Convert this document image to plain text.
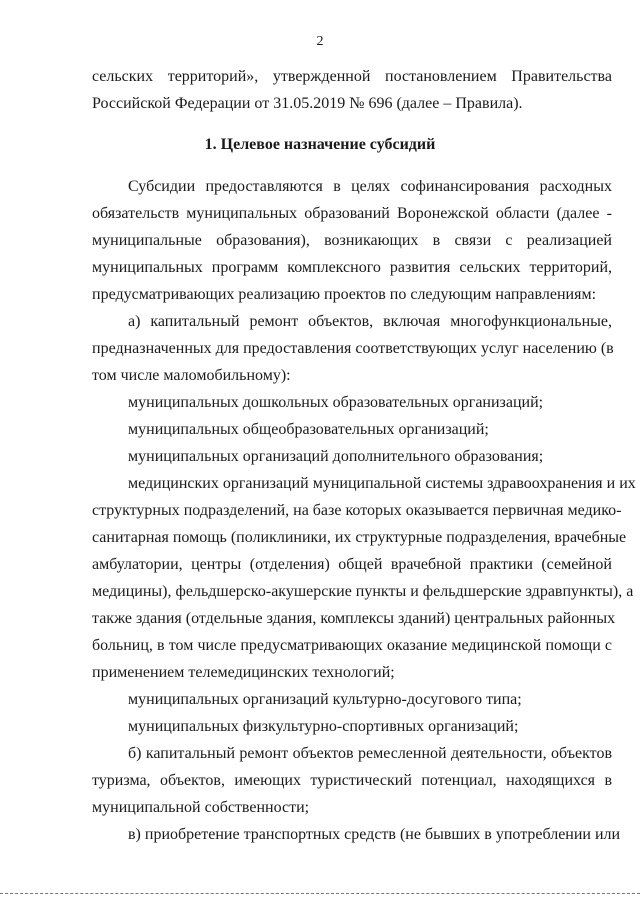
2
сельских территорий», утвержденной постановлением Правительства
Российской Федерации от 31.05.2019 № 696 (далее – Правила).
1. Целевое назначение субсидий
Субсидии предоставляются в целях софинансирования расходных
обязательств муниципальных образований Воронежской области (далее -
муниципальные образования), возникающих в связи с реализацией
муниципальных программ комплексного развития сельских территорий,
предусматривающих реализацию проектов по следующим направлениям:
а) капитальный ремонт объектов, включая многофункциональные,
предназначенных для предоставления соответствующих услуг населению (в
том числе маломобильному):
муниципальных дошкольных образовательных организаций;
муниципальных общеобразовательных организаций;
муниципальных организаций дополнительного образования;
медицинских организаций муниципальной системы здравоохранения и их
структурных подразделений, на базе которых оказывается первичная медико-
санитарная помощь (поликлиники, их структурные подразделения, врачебные
амбулатории, центры (отделения) общей врачебной практики (семейной
медицины), фельдшерско-акушерские пункты и фельдшерские здравпункты), а
также здания (отдельные здания, комплексы зданий) центральных районных
больниц, в том числе предусматривающих оказание медицинской помощи с
применением телемедицинских технологий;
муниципальных организаций культурно-досугового типа;
муниципальных физкультурно-спортивных организаций;
б) капитальный ремонт объектов ремесленной деятельности, объектов
туризма, объектов, имеющих туристический потенциал, находящихся в
муниципальной собственности;
в) приобретение транспортных средств (не бывших в употреблении или
